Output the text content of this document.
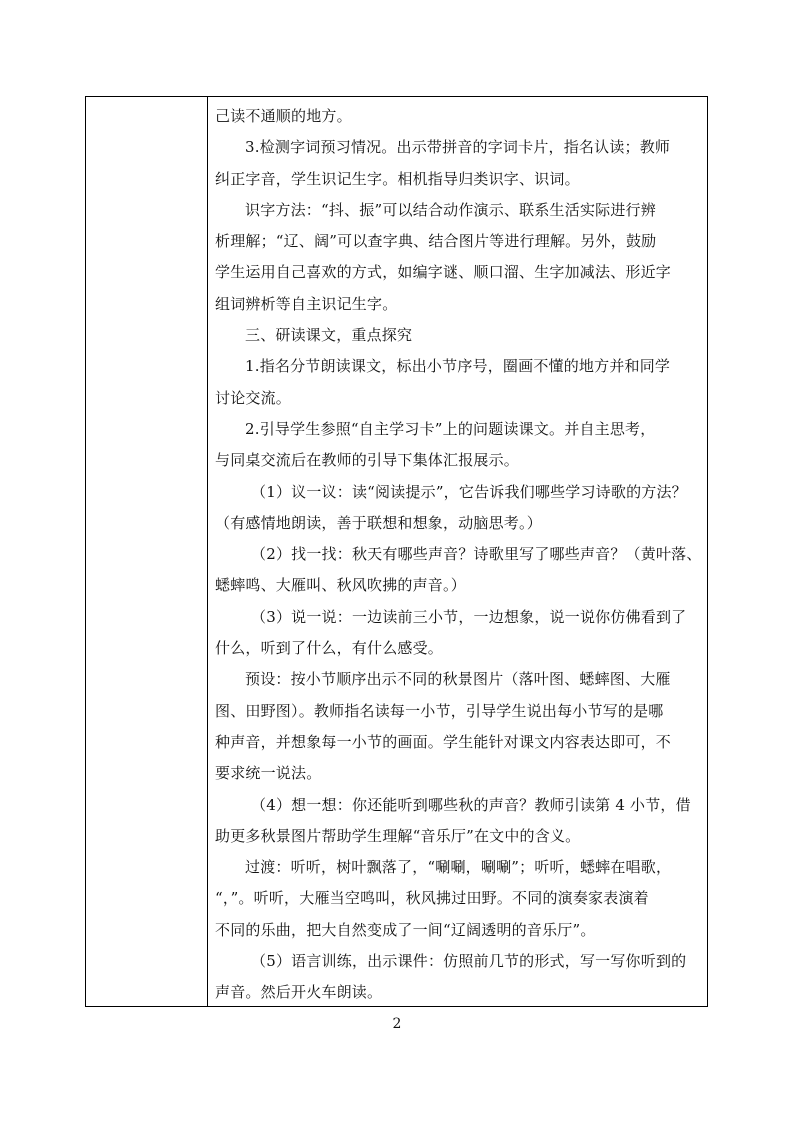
己读不通顺的地方。
3.检测字词预习情况。出示带拼音的字词卡片，指名认读；教师
纠正字音，学生识记生字。相机指导归类识字、识词。
识字方法：“抖、振”可以结合动作演示、联系生活实际进行辨
析理解；“辽、阔”可以查字典、结合图片等进行理解。另外，鼓励
学生运用自己喜欢的方式，如编字谜、顺口溜、生字加减法、形近字
组词辨析等自主识记生字。
三、研读课文，重点探究
1.指名分节朗读课文，标出小节序号，圈画不懂的地方并和同学
讨论交流。
2.引导学生参照“自主学习卡”上的问题读课文。并自主思考，
与同桌交流后在教师的引导下集体汇报展示。
（1）议一议：读“阅读提示”，它告诉我们哪些学习诗歌的方法？
（有感情地朗读，善于联想和想象，动脑思考。）
（2）找一找：秋天有哪些声音？诗歌里写了哪些声音？（黄叶落、
蟋蟀鸣、大雁叫、秋风吹拂的声音。）
（3）说一说：一边读前三小节，一边想象，说一说你仿佛看到了
什么，听到了什么，有什么感受。
预设：按小节顺序出示不同的秋景图片（落叶图、蟋蟀图、大雁
图、田野图）。教师指名读每一小节，引导学生说出每小节写的是哪
种声音，并想象每一小节的画面。学生能针对课文内容表达即可，不
要求统一说法。
（4）想一想：你还能听到哪些秋的声音？教师引读第 4 小节，借
助更多秋景图片帮助学生理解“音乐厅”在文中的含义。
过渡：听听，树叶飘落了，“唰唰，唰唰”；听听，蟋蟀在唱歌，
“，”。听听，大雁当空鸣叫，秋风拂过田野。不同的演奏家表演着
不同的乐曲，把大自然变成了一间“辽阔透明的音乐厅”。
（5）语言训练，出示课件：仿照前几节的形式，写一写你听到的
声音。然后开火车朗读。
2
